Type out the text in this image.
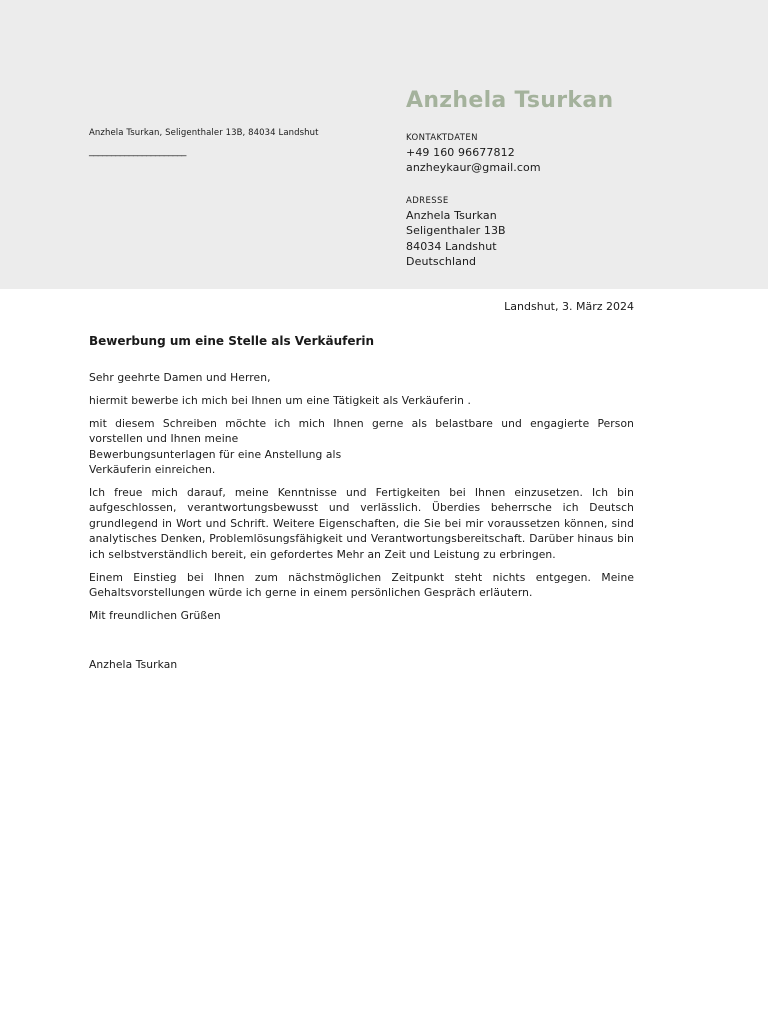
Anzhela Tsurkan, Seligenthaler 13B, 84034 Landshut
______________________
Anzhela Tsurkan
KONTAKTDATEN
+49 160 96677812
anzheykaur@gmail.com
ADRESSE
Anzhela Tsurkan
Seligenthaler 13B
84034 Landshut
Deutschland
Landshut, 3. März 2024
Bewerbung um eine Stelle als Verkäuferin
Sehr geehrte Damen und Herren,
hiermit bewerbe ich mich bei Ihnen um eine Tätigkeit als Verkäuferin .
mit diesem Schreiben möchte ich mich Ihnen gerne als belastbare und engagierte Person vorstellen und Ihnen meine
Bewerbungsunterlagen für eine Anstellung als
Verkäuferin einreichen.
Ich freue mich darauf, meine Kenntnisse und Fertigkeiten bei Ihnen einzusetzen. Ich bin aufgeschlossen, verantwortungsbewusst und verlässlich. Überdies beherrsche ich Deutsch grundlegend in Wort und Schrift. Weitere Eigenschaften, die Sie bei mir voraussetzen können, sind analytisches Denken, Problemlösungsfähigkeit und Verantwortungsbereitschaft. Darüber hinaus bin ich selbstverständlich bereit, ein gefordertes Mehr an Zeit und Leistung zu erbringen.
Einem Einstieg bei Ihnen zum nächstmöglichen Zeitpunkt steht nichts entgegen. Meine Gehaltsvorstellungen würde ich gerne in einem persönlichen Gespräch erläutern.
Mit freundlichen Grüßen
Anzhela Tsurkan
